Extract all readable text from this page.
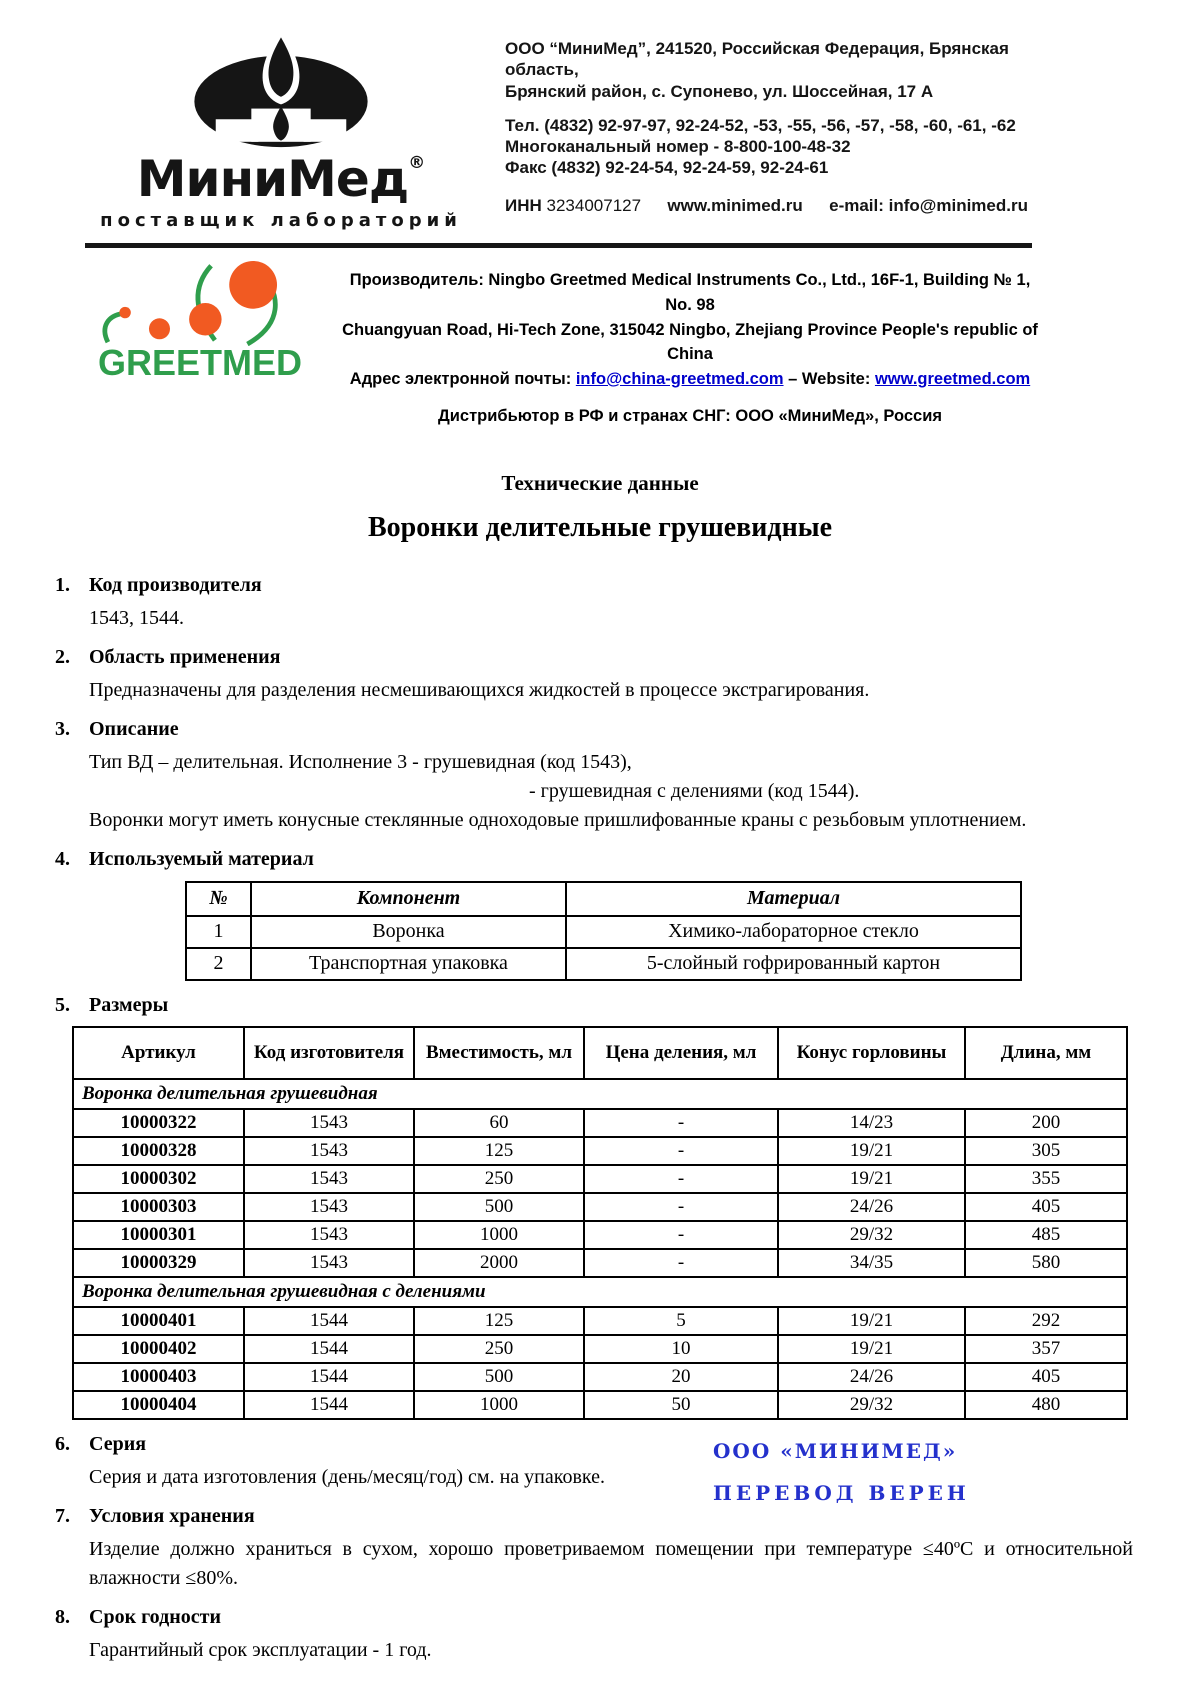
МиниМед®
поставщик лабораторий
ООО “МиниМед”, 241520, Российская Федерация, Брянская область,
Брянский район, с. Супонево, ул. Шоссейная, 17 А
Тел. (4832) 92-97-97, 92-24-52, -53, -55, -56, -57, -58, -60, -61, -62
Многоканальный номер - 8-800-100-48-32
Факс (4832) 92-24-54, 92-24-59, 92-24-61
ИНН 3234007127 www.minimed.ru e-mail: info@minimed.ru
GREETMED
Производитель: Ningbo Greetmed Medical Instruments Co., Ltd., 16F-1, Building № 1, No. 98
Chuangyuan Road, Hi-Tech Zone, 315042 Ningbo, Zhejiang Province People's republic of China
Адрес электронной почты: info@china-greetmed.com – Website: www.greetmed.com
Дистрибьютор в РФ и странах СНГ: ООО «МиниМед», Россия
Технические данные
Воронки делительные грушевидные
1. Код производителя
1543, 1544.
2. Область применения
Предназначены для разделения несмешивающихся жидкостей в процессе экстрагирования.
3. Описание
Тип ВД – делительная. Исполнение 3 - грушевидная (код 1543),
- грушевидная с делениями (код 1544).
Воронки могут иметь конусные стеклянные одноходовые пришлифованные краны с резьбовым уплотнением.
4. Используемый материал
№	Компонент	Материал
1	Воронка	Химико-лабораторное стекло
2	Транспортная упаковка	5-слойный гофрированный картон
5. Размеры
Артикул	Код изготовителя	Вместимость, мл	Цена деления, мл	Конус горловины	Длина, мм
Воронка делительная грушевидная					
10000322	1543	60	-	14/23	200
10000328	1543	125	-	19/21	305
10000302	1543	250	-	19/21	355
10000303	1543	500	-	24/26	405
10000301	1543	1000	-	29/32	485
10000329	1543	2000	-	34/35	580
Воронка делительная грушевидная с делениями					
10000401	1544	125	5	19/21	292
10000402	1544	250	10	19/21	357
10000403	1544	500	20	24/26	405
10000404	1544	1000	50	29/32	480
6. Серия
Серия и дата изготовления (день/месяц/год) см. на упаковке.
ООО «МИНИМЕД»
ПЕРЕВОД ВЕРЕН
7. Условия хранения
Изделие должно храниться в сухом, хорошо проветриваемом помещении при температуре ≤40ºС и относительной влажности ≤80%.
8. Срок годности
Гарантийный срок эксплуатации - 1 год.
